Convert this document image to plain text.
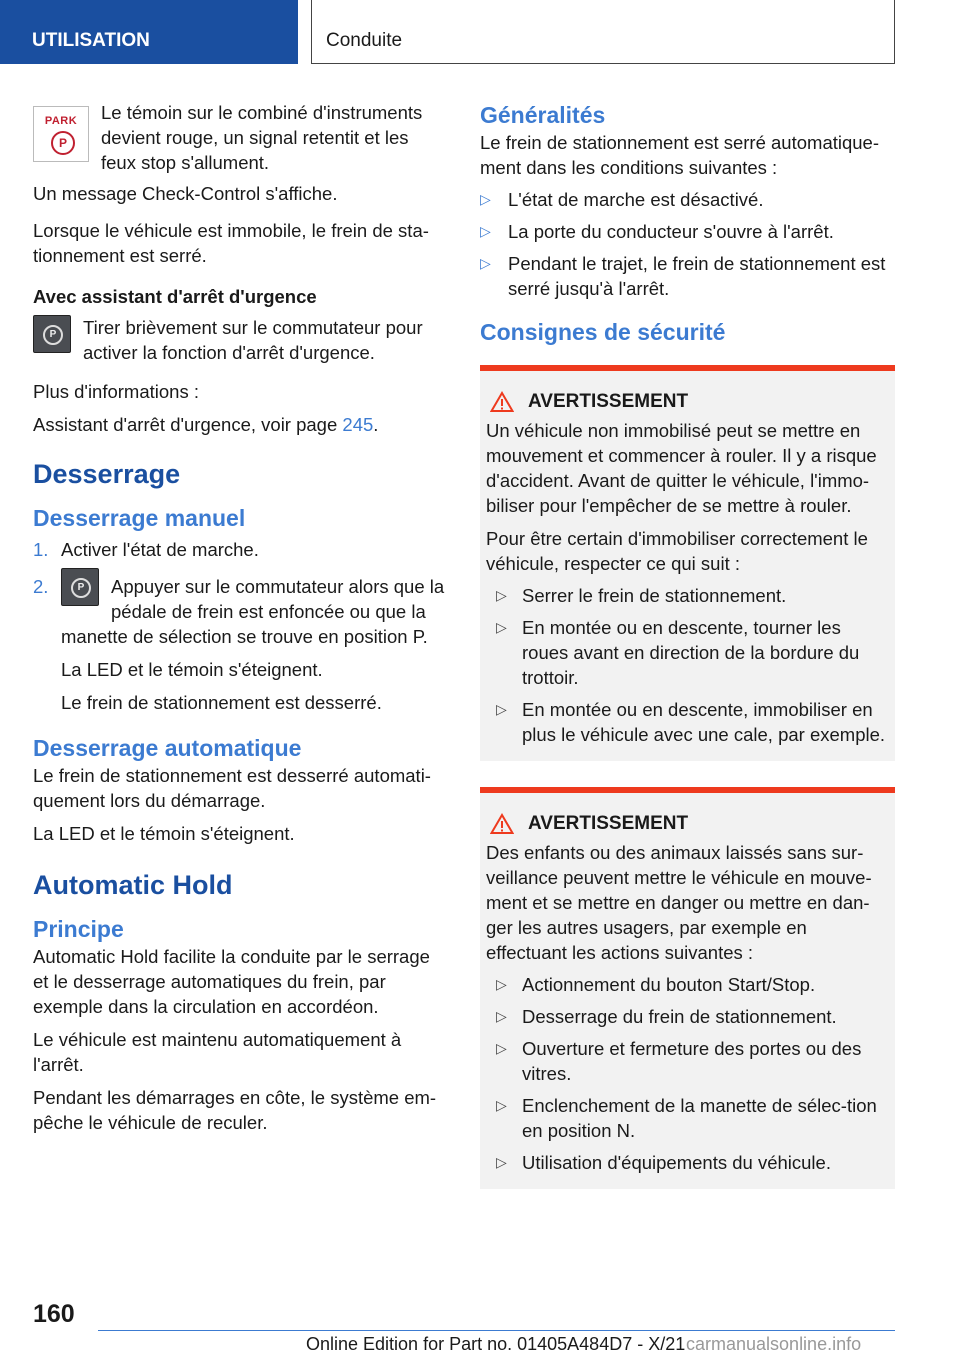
UTILISATION	Conduite
PARK
P

Le témoin sur le combiné d'instruments devient rouge, un signal retentit et les feux stop s'allument.

Un message Check-Control s'affiche.

Lorsque le véhicule est immobile, le frein de sta-tionnement est serré.

Avec assistant d'arrêt d'urgence
P	Tirer brièvement sur le commutateur pour activer la fonction d'arrêt d'urgence.

Plus d'informations :

Assistant d'arrêt d'urgence, voir page 245.

Desserrage
Desserrage manuel
1. Activer l'état de marche.

2.	P	Appuyer sur le commutateur alors que la pédale de frein est enfoncée ou que la manette de sélection se trouve en position P.

La LED et le témoin s'éteignent.

Le frein de stationnement est desserré.

Desserrage automatique

Le frein de stationnement est desserré automati-quement lors du démarrage.

La LED et le témoin s'éteignent.

Automatic Hold
Principe

Automatic Hold facilite la conduite par le serrage et le desserrage automatiques du frein, par exemple dans la circulation en accordéon.

Le véhicule est maintenu automatiquement à l'arrêt.

Pendant les démarrages en côte, le système em-pêche le véhicule de reculer.

Généralités

Le frein de stationnement est serré automatique-ment dans les conditions suivantes :

▷ L'état de marche est désactivé.

▷ La porte du conducteur s'ouvre à l'arrêt.

▷ Pendant le trajet, le frein de stationnement est serré jusqu'à l'arrêt.

Consignes de sécurité
AVERTISSEMENT

Un véhicule non immobilisé peut se mettre en mouvement et commencer à rouler. Il y a risque d'accident. Avant de quitter le véhicule, l'immo-biliser pour l'empêcher de se mettre à rouler.

Pour être certain d'immobiliser correctement le véhicule, respecter ce qui suit :

▷ Serrer le frein de stationnement.

▷ En montée ou en descente, tourner les roues avant en direction de la bordure du trottoir.

▷ En montée ou en descente, immobiliser en plus le véhicule avec une cale, par exemple.

AVERTISSEMENT

Des enfants ou des animaux laissés sans sur-veillance peuvent mettre le véhicule en mouve-ment et se mettre en danger ou mettre en dan-ger les autres usagers, par exemple en effectuant les actions suivantes :

▷ Actionnement du bouton Start/Stop.

▷ Desserrage du frein de stationnement.

▷ Ouverture et fermeture des portes ou des vitres.

▷ Enclenchement de la manette de sélec-tion en position N.

▷ Utilisation d'équipements du véhicule.

160
Online Edition for Part no. 01405A484D7 - X/21 carmanualsonline.info
